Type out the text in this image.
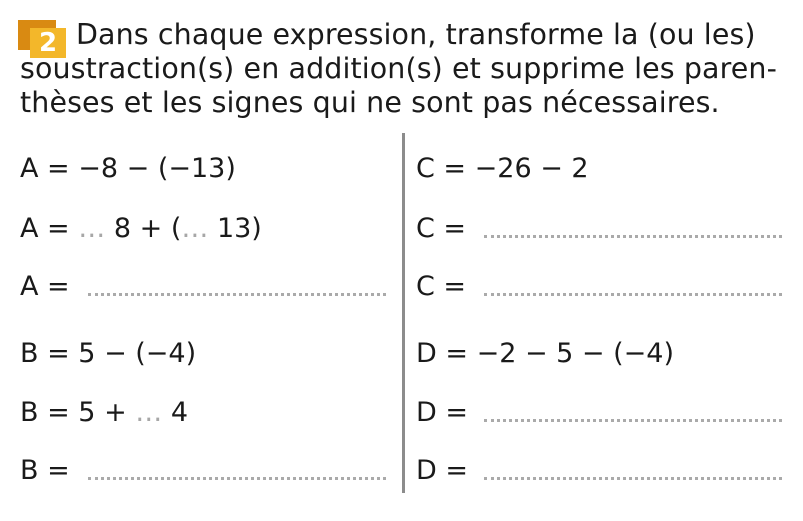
2 Dans chaque expression, transforme la (ou les)
soustraction(s) en addition(s) et supprime les paren-
thèses et les signes qui ne sont pas nécessaires.
A = −8 − (−13)
A = … 8 + (… 13)
A =
B = 5 − (−4)
B = 5 + … 4
B =
C = −26 − 2
C =
C =
D = −2 − 5 − (−4)
D =
D =
